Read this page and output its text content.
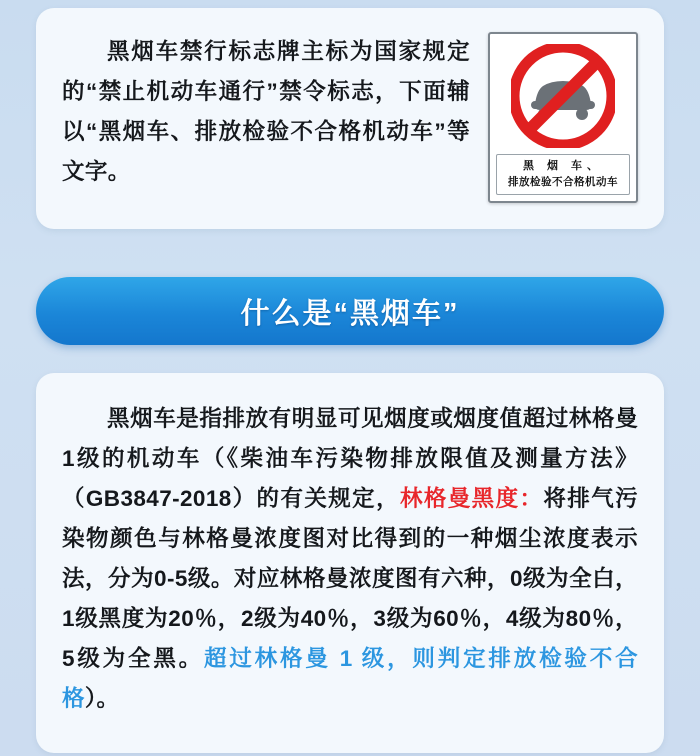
黑烟车禁行标志牌主标为国家规定的“禁止机动车通行”禁令标志，下面辅以“黑烟车、排放检验不合格机动车”等文字。	黑 烟 车、
排放检验不合格机动车
什么是“黑烟车”
黑烟车是指排放有明显可见烟度或烟度值超过林格曼1级的机动车（《柴油车污染物排放限值及测量方法》（GB3847-2018）的有关规定，林格曼黑度：将排气污染物颜色与林格曼浓度图对比得到的一种烟尘浓度表示法，分为0-5级。对应林格曼浓度图有六种，0级为全白，1级黑度为20％，2级为40％，3级为60％，4级为80％，5级为全黑。超过林格曼 1 级，则判定排放检验不合格）。
